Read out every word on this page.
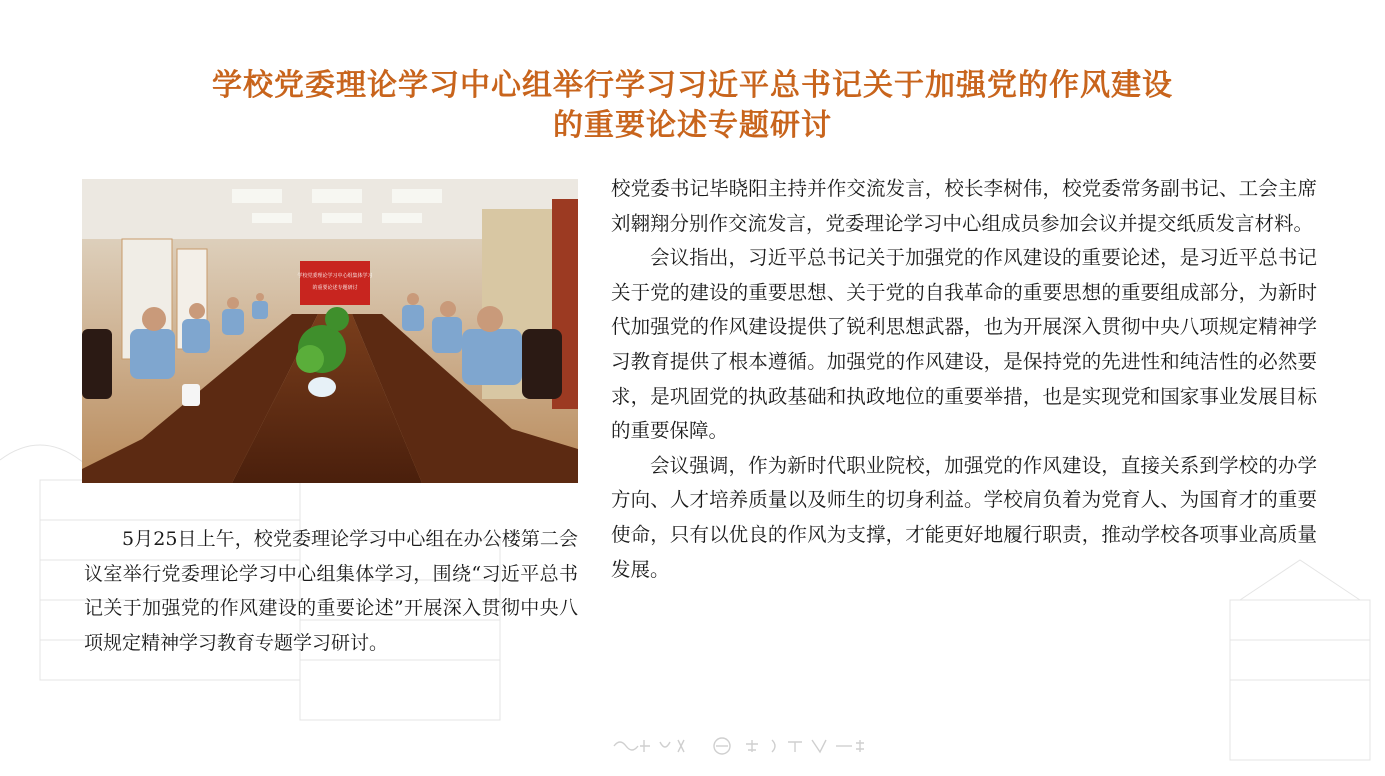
学校党委理论学习中心组举行学习习近平总书记关于加强党的作风建设
的重要论述专题研讨
学校党委理论学习中心组集体学习
的重要论述专题研讨

5月25日上午，校党委理论学习中心组在办公楼第二会议室举行党委理论学习中心组集体学习，围绕“习近平总书记关于加强党的作风建设的重要论述”开展深入贯彻中央八项规定精神学习教育专题学习研讨。

校党委书记毕晓阳主持并作交流发言，校长李树伟，校党委常务副书记、工会主席刘翱翔分别作交流发言，党委理论学习中心组成员参加会议并提交纸质发言材料。

会议指出，习近平总书记关于加强党的作风建设的重要论述，是习近平总书记关于党的建设的重要思想、关于党的自我革命的重要思想的重要组成部分，为新时代加强党的作风建设提供了锐利思想武器，也为开展深入贯彻中央八项规定精神学习教育提供了根本遵循。加强党的作风建设，是保持党的先进性和纯洁性的必然要求，是巩固党的执政基础和执政地位的重要举措，也是实现党和国家事业发展目标的重要保障。

会议强调，作为新时代职业院校，加强党的作风建设，直接关系到学校的办学方向、人才培养质量以及师生的切身利益。学校肩负着为党育人、为国育才的重要使命，只有以优良的作风为支撑，才能更好地履行职责，推动学校各项事业高质量发展。
